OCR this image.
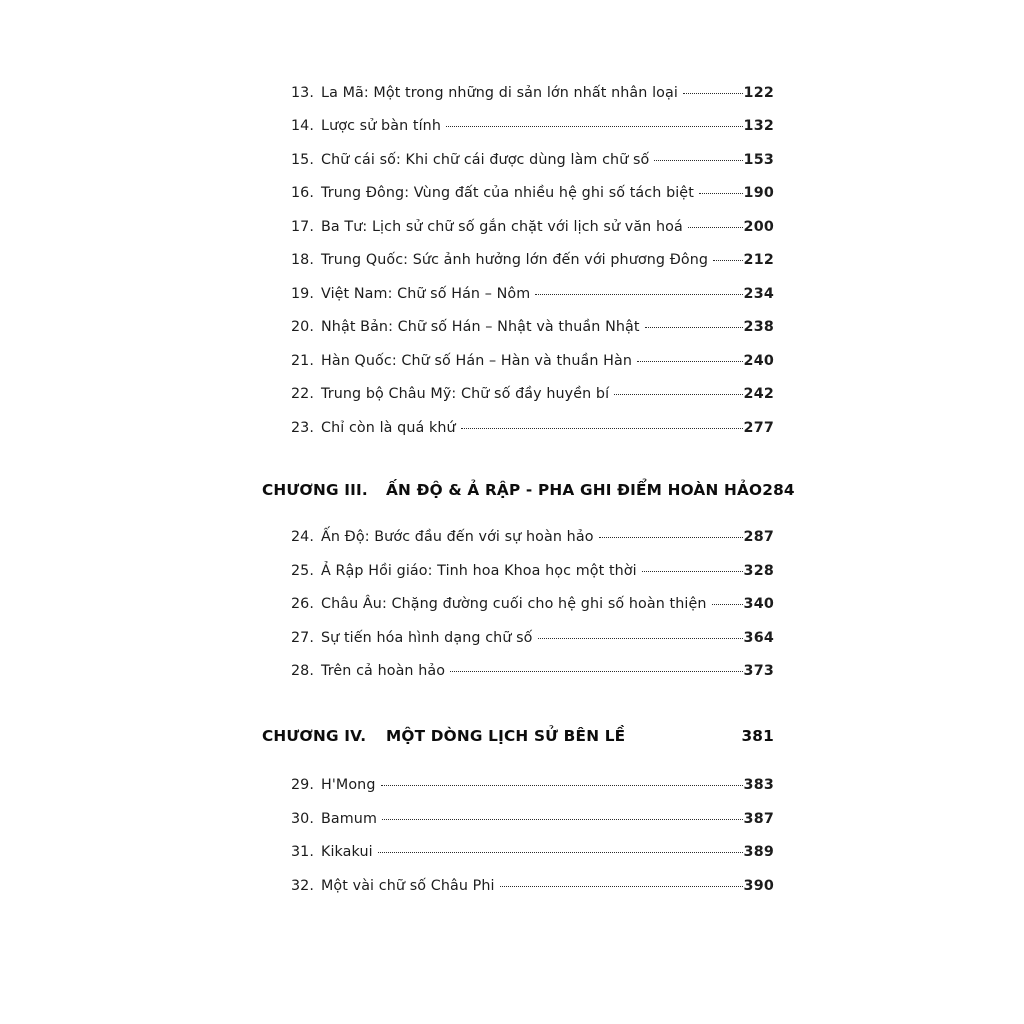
13. La Mã: Một trong những di sản lớn nhất nhân loại	122
14. Lược sử bàn tính	132
15. Chữ cái số: Khi chữ cái được dùng làm chữ số	153
16. Trung Đông: Vùng đất của nhiều hệ ghi số tách biệt	190
17. Ba Tư: Lịch sử chữ số gắn chặt với lịch sử văn hoá	200
18. Trung Quốc: Sức ảnh hưởng lớn đến với phương Đông 212
19. Việt Nam: Chữ số Hán – Nôm	234
20. Nhật Bản: Chữ số Hán – Nhật và thuần Nhật	238
21. Hàn Quốc: Chữ số Hán – Hàn và thuần Hàn	240
22. Trung bộ Châu Mỹ: Chữ số đầy huyền bí	242
23. Chỉ còn là quá khứ	277
CHƯƠNG III.	ẤN ĐỘ & Ả RẬP - PHA GHI ĐIỂM HOÀN HẢO 284
24. Ấn Độ: Bước đầu đến với sự hoàn hảo	287
25. Ả Rập Hồi giáo: Tinh hoa Khoa học một thời	328
26. Châu Âu: Chặng đường cuối cho hệ ghi số hoàn thiện	340
27. Sự tiến hóa hình dạng chữ số	364
28. Trên cả hoàn hảo	373
CHƯƠNG IV.	MỘT DÒNG LỊCH SỬ BÊN LỀ	381
29. H'Mong	383
30. Bamum	387
31. Kikakui	389
32. Một vài chữ số Châu Phi	390
